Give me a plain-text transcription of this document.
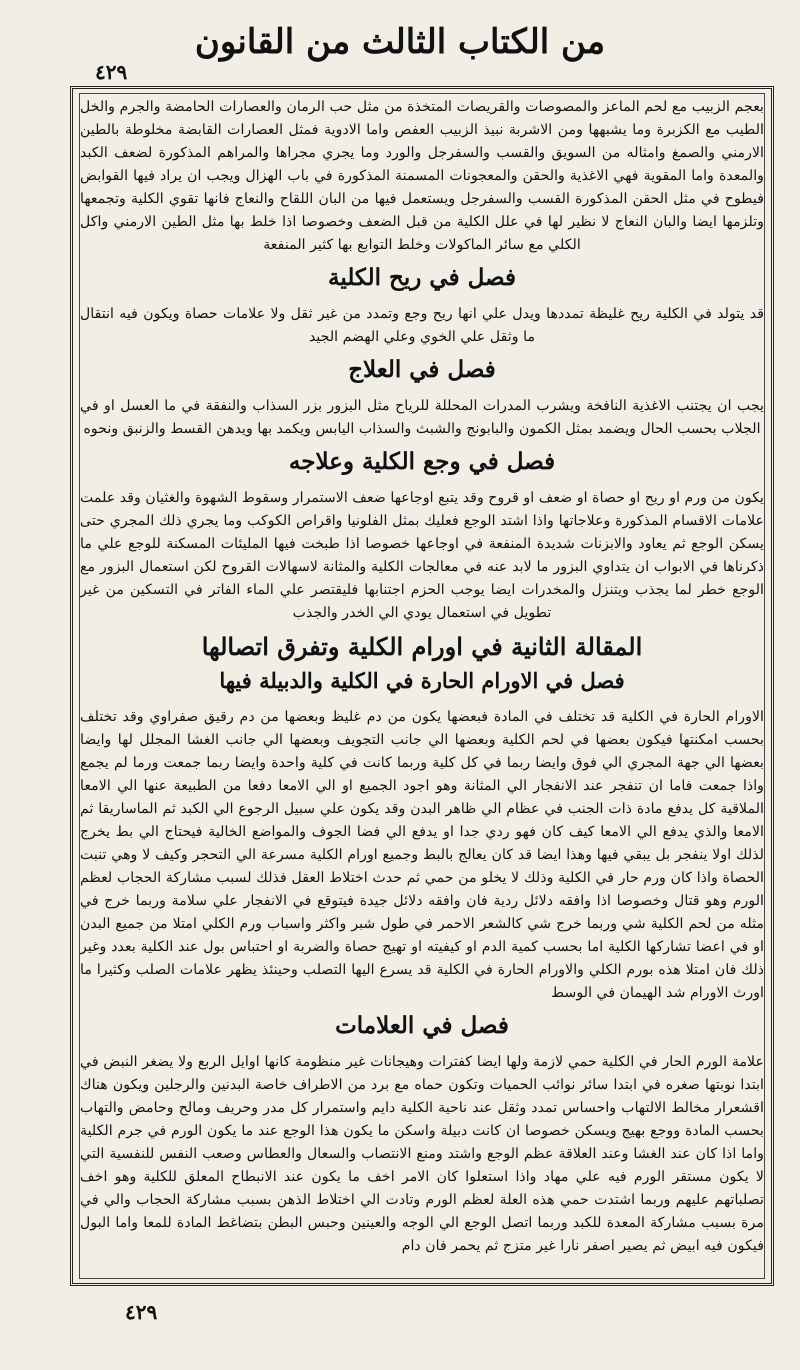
من الكتاب الثالث من القانون
٤٢٩

بعجم الزبيب مع لحم الماعز والمصوصات والقريصات المتخذة من مثل حب الرمان والعصارات الحامضة والجرم والخل الطيب مع الكزبرة وما يشبهها ومن الاشربة نبيذ الزبيب العفص واما الادوية فمثل العصارات القابضة مخلوطة بالطين الارمني والصمغ وامثاله من السويق والقسب والسفرجل والورد وما يجري مجراها والمراهم المذكورة لضعف الكبد والمعدة واما المقوية فهي الاغذية والحقن والمعجونات المسمنة المذكورة في باب الهزال ويجب ان يراد فيها القوابض فيطوح في مثل الحقن المذكورة القسب والسفرجل ويستعمل فيها من البان اللقاح والنعاج فانها تقوي الكلية وتجمعها وتلزمها ايضا والبان النعاج لا نظير لها في علل الكلية من قبل الضعف وخصوصا اذا خلط بها مثل الطين الارمني واكل الكلي مع سائر الماكولات وخلط التوابع بها كثير المنفعة

فصل في ريح الكلية

قد يتولد في الكلية ريح غليظة تمددها ويدل علي انها ريح وجع وتمدد من غير ثقل ولا علامات حصاة ويكون فيه انتقال ما وثقل علي الخوي وعلي الهضم الجيد

فصل في العلاج

يجب ان يجتنب الاغذية النافخة ويشرب المدرات المحللة للرياح مثل البزور بزر السذاب والنفقة في ما العسل او في الجلاب بحسب الحال ويضمد بمثل الكمون والبابونج والشبث والسذاب اليابس ويكمد بها ويدهن القسط والزنبق ونحوه

فصل في وجع الكلية وعلاجه

يكون من ورم او ريح او حصاة او ضعف او قروح وقد يتبع اوجاعها ضعف الاستمرار وسقوط الشهوة والغثيان وقد علمت علامات الاقسام المذكورة وعلاجاتها واذا اشتد الوجع فعليك بمثل الفلونيا واقراص الكوكب وما يجري ذلك المجري حتى يسكن الوجع ثم يعاود والابزنات شديدة المنفعة في اوجاعها خصوصا اذا طبخت فيها المليئات المسكنة للوجع علي ما ذكرناها في الابواب ان يتداوي البزور ما لابد عنه في معالجات الكلية والمثانة لاسهالات القروح لكن استعمال البزور مع الوجع خطر لما يجذب ويتنزل والمخدرات ايضا يوجب الحزم اجتنابها فليقتصر علي الماء الفاتر في التسكين من غير تطويل في استعمال يودي الي الخدر والجذب

المقالة الثانية في اورام الكلية وتفرق اتصالها
فصل في الاورام الحارة في الكلية والدبيلة فيها

الاورام الحارة في الكلية قد تختلف في المادة فبعضها يكون من دم غليظ وبعضها من دم رقيق صفراوي وقد تختلف بحسب امكنتها فيكون بعضها في لحم الكلية وبعضها الي جانب التجويف وبعضها الي جانب الغشا المجلل لها وايضا بعضها الي جهة المجري الي فوق وايضا ربما في كل كلية وربما كانت في كلية واحدة وايضا ربما جمعت ورما لم يجمع واذا جمعت فاما ان تنفجر عند الانفجار الي المثانة وهو اجود الجميع او الي الامعا دفعا من الطبيعة عنها الي الامعا الملاقية كل يدفع مادة ذات الجنب في عظام الي ظاهر البدن وقد يكون علي سبيل الرجوع الي الكبد ثم الماساريقا ثم الامعا والذي يدفع الي الامعا كيف كان فهو ردي جدا او يدفع الي فضا الجوف والمواضع الخالية فيحتاج الي بط يخرج لذلك اولا ينفجر بل يبقي فيها وهذا ايضا قد كان يعالج بالبط وجميع اورام الكلية مسرعة الي التحجر وكيف لا وهي تنبت الحصاة واذا كان ورم حار في الكلية وذلك لا يخلو من حمي ثم حدث اختلاط العقل فذلك لسبب مشاركة الحجاب لعظم الورم وهو قتال وخصوصا اذا وافقه دلائل ردية فان وافقه دلائل جيدة فيتوقع في الانفجار علي سلامة وربما خرج في مثله من لحم الكلية شي وربما خرج شي كالشعر الاحمر في طول شبر واكثر واسباب ورم الكلي امتلا من جميع البدن او في اعضا تشاركها الكلية اما بحسب كمية الدم او كيفيته او تهيج حصاة والضربة او احتباس بول عند الكلية بعدد وغير ذلك فان امتلا هذه بورم الكلي والاورام الحارة في الكلية قد يسرع اليها التصلب وحينئذ يظهر علامات الصلب وكثيرا ما اورث الاورام شد الهيمان في الوسط

فصل في العلامات

علامة الورم الحار في الكلية حمي لازمة ولها ايضا كفترات وهيجانات غير منظومة كانها اوايل الربع ولا يضغر النبض في ابتدا نوبتها صغره في ابتدا سائر نوائب الحميات وتكون حماه مع برد من الاطراف خاصة البدنين والرجلين ويكون هناك اقشعرار مخالط الالتهاب واحساس تمدد وثقل عند ناحية الكلية دايم واستمرار كل مدر وحريف ومالح وحامض والتهاب بحسب المادة ووجع بهيج ويسكن خصوصا ان كانت دبيلة واسكن ما يكون هذا الوجع عند ما يكون الورم في جرم الكلية واما اذا كان عند الغشا وعند العلاقة عظم الوجع واشتد ومنع الانتصاب والسعال والعطاس وصعب النفس للنفسية التي لا يكون مستقر الورم فيه علي مهاد واذا استعلوا كان الامر اخف ما يكون عند الانبطاح المعلق للكلية وهو اخف تصلباتهم عليهم وربما اشتدت حمي هذه العلة لعظم الورم وتادت الي اختلاط الذهن بسبب مشاركة الحجاب والي في مرة بسبب مشاركة المعدة للكبد وربما اتصل الوجع الي الوجه والعينين وحبس البطن بتضاغط المادة للمعا واما البول فيكون فيه ابيض ثم يصير اصفر نارا غير متزج ثم يحمر فان دام

٤٢٩
